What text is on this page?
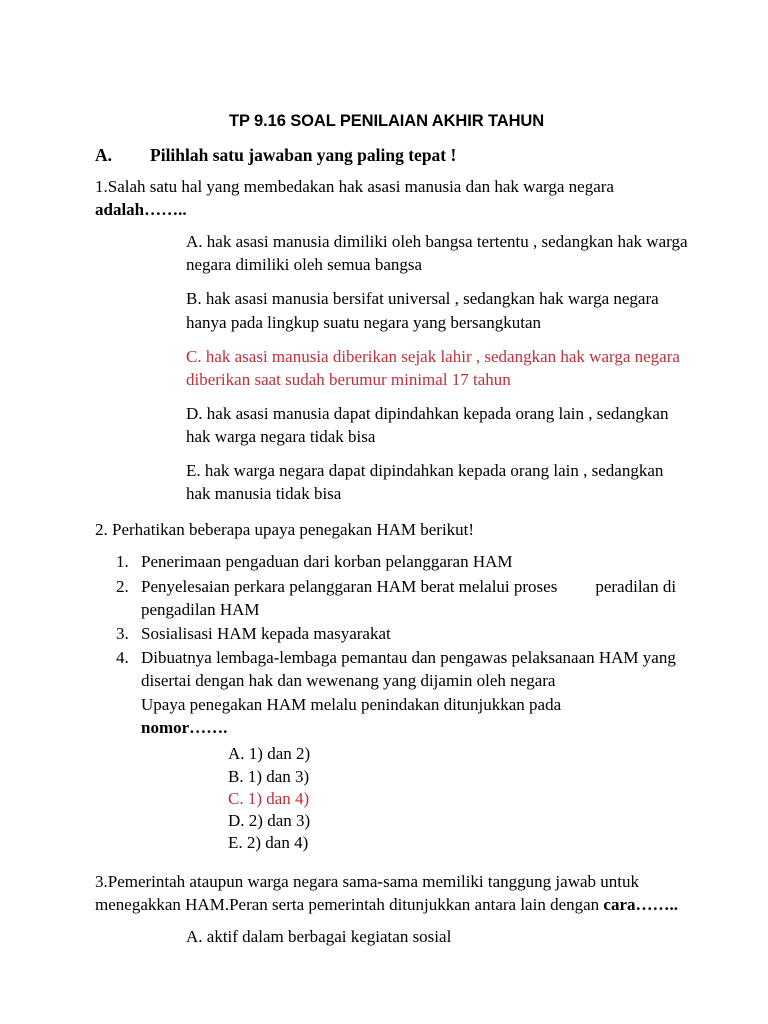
TP 9.16 SOAL PENILAIAN AKHIR TAHUN
A. Pilihlah satu jawaban yang paling tepat !

1.Salah satu hal yang membedakan hak asasi manusia dan hak warga negara adalah……..

A. hak asasi manusia dimiliki oleh bangsa tertentu , sedangkan hak warga negara dimiliki oleh semua bangsa

B. hak asasi manusia bersifat universal , sedangkan hak warga negara hanya pada lingkup suatu negara yang bersangkutan

C. hak asasi manusia diberikan sejak lahir , sedangkan hak warga negara diberikan saat sudah berumur minimal 17 tahun

D. hak asasi manusia dapat dipindahkan kepada orang lain , sedangkan hak warga negara tidak bisa

E. hak warga negara dapat dipindahkan kepada orang lain , sedangkan hak manusia tidak bisa

2. Perhatikan beberapa upaya penegakan HAM berikut!

1. Penerimaan pengaduan dari korban pelanggaran HAM
2. Penyelesaian perkara pelanggaran HAM berat melalui proses peradilan di pengadilan HAM
3. Sosialisasi HAM kepada masyarakat
4. Dibuatnya lembaga-lembaga pemantau dan pengawas pelaksanaan HAM yang disertai dengan hak dan wewenang yang dijamin oleh negara
Upaya penegakan HAM melalu penindakan ditunjukkan pada
nomor…….
A. 1) dan 2)
B. 1) dan 3)
C. 1) dan 4)
D. 2) dan 3)
E. 2) dan 4)

3.Pemerintah ataupun warga negara sama-sama memiliki tanggung jawab untuk menegakkan HAM.Peran serta pemerintah ditunjukkan antara lain dengan cara……..

A. aktif dalam berbagai kegiatan sosial
